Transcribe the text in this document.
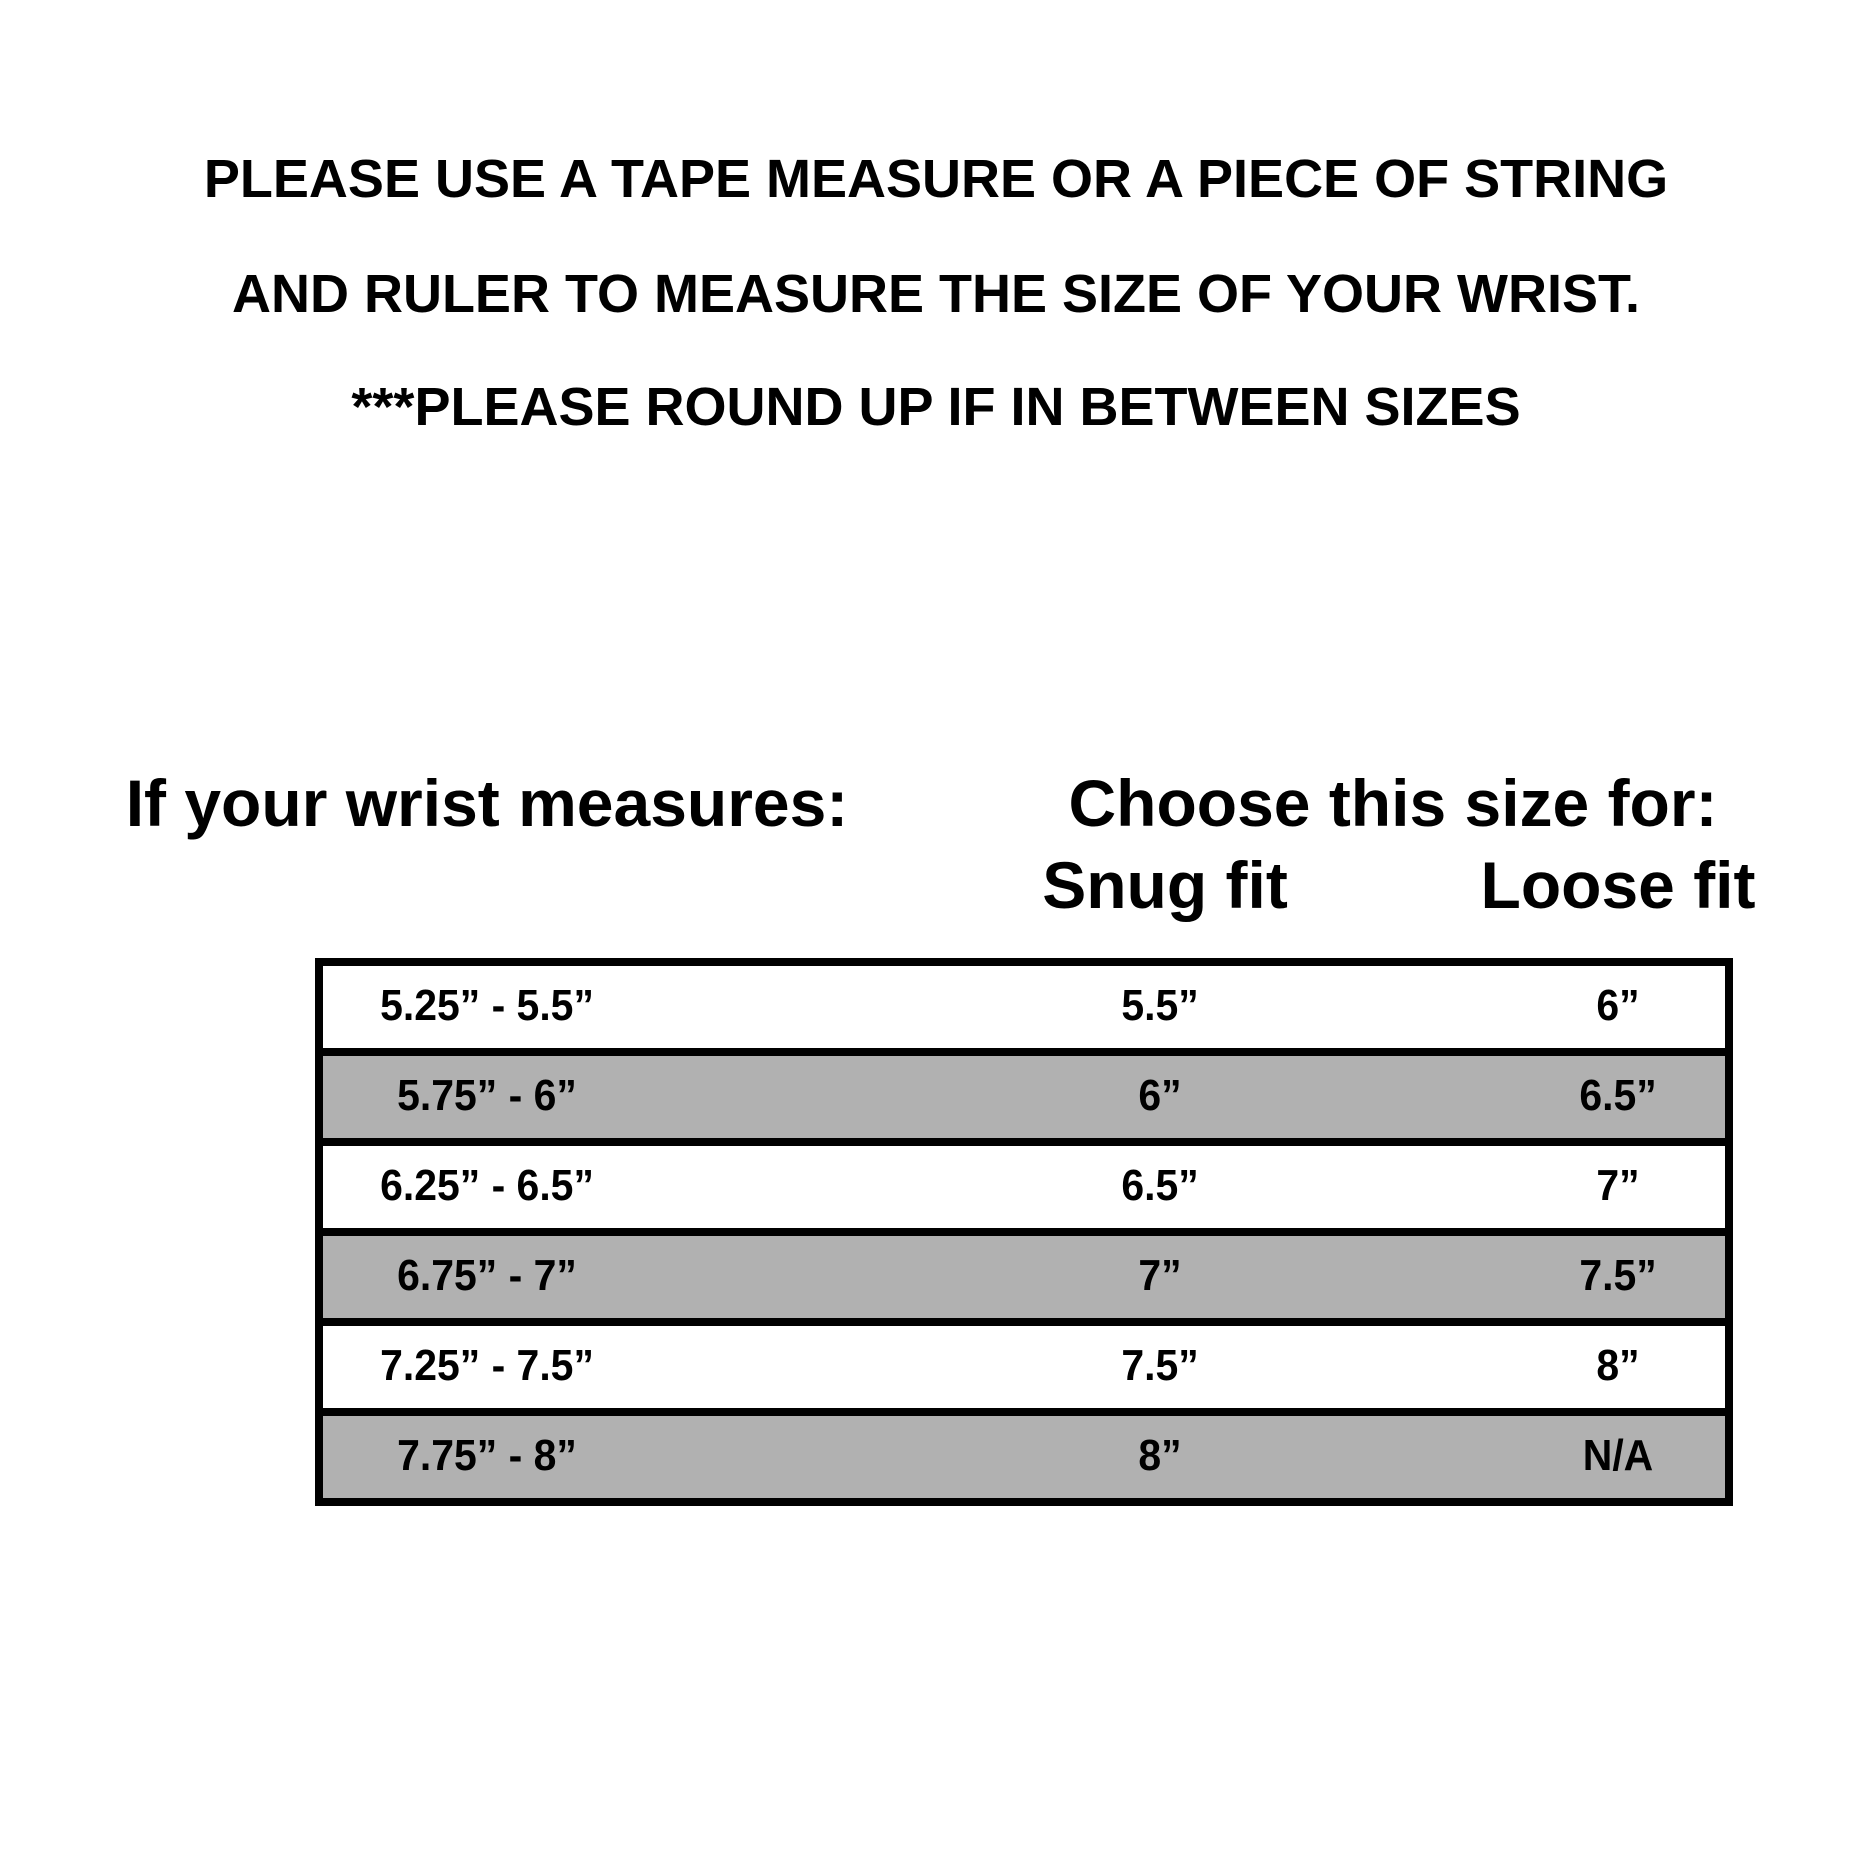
PLEASE USE A TAPE MEASURE OR A PIECE OF STRING
AND RULER TO MEASURE THE SIZE OF YOUR WRIST.
***PLEASE ROUND UP IF IN BETWEEN SIZES
If your wrist measures:	Choose this size for:
Snug fit	Loose fit
5.25” - 5.5”	5.5”	6”
5.75” - 6”	6”	6.5”
6.25” - 6.5”	6.5”	7”
6.75” - 7”	7”	7.5”
7.25” - 7.5”	7.5”	8”
7.75” - 8”	8”	N/A
